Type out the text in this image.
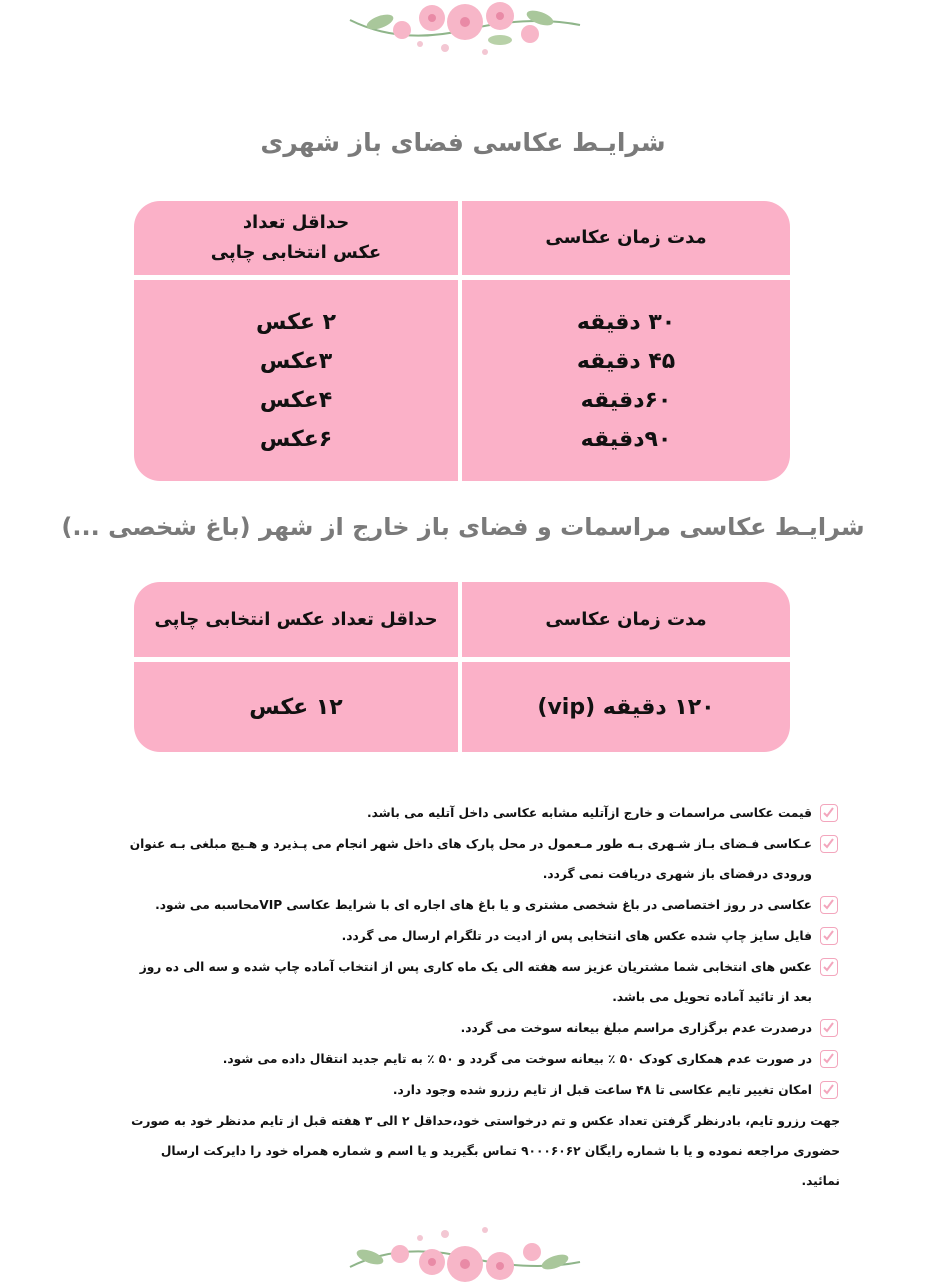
شرایـط عکاسی فضای باز شهری
مدت زمان عکاسی
حداقل تعداد
عکس انتخابی چاپی
۳۰ دقیقه
۴۵ دقیقه
۶۰دقیقه
۹۰دقیقه
۲ عکس
۳عکس
۴عکس
۶عکس
شرایـط عکاسی مراسمات و فضای باز خارج از شهر (باغ شخصی ...)
مدت زمان عکاسی
حداقل تعداد عکس انتخابی چاپی
۱۲۰ دقیقه (vip)
۱۲ عکس
قیمت عکاسی مراسمات و خارج ازآتلیه مشابه عکاسی داخل آتلیه می باشد.
عـکاسی فـضای بـاز شـهری بـه طور مـعمول در محل پارک های داخل شهر انجام می پـذیرد و هـیچ مبلغی بـه عنوان ورودی درفضای باز شهری دریافت نمی گردد.
عکاسی در روز اختصاصی در باغ شخصی مشتری و یا باغ های اجاره ای با شرایط عکاسی VIPمحاسبه می شود.
فایل سایز چاپ شده عکس های انتخابی پس از ادیت در تلگرام ارسال می گردد.
عکس های انتخابی شما مشتریان عزیز سه هفته الی یک ماه کاری پس از انتخاب آماده چاپ شده و سه الی ده روز بعد از تائید آماده تحویل می باشد.
درصدرت عدم برگزاری مراسم مبلغ بیعانه سوخت می گردد.
در صورت عدم همکاری کودک ۵۰ ٪ بیعانه سوخت می گردد و ۵۰ ٪ به تایم جدید انتقال داده می شود.
امکان تغییر تایم عکاسی تا ۴۸ ساعت قبل از تایم رزرو شده وجود دارد.
جهت رزرو تایم، بادرنظر گرفتن تعداد عکس و تم درخواستی خود،حداقل ۲ الی ۳ هفته قبل از تایم مدنظر خود به صورت حضوری مراجعه نموده و یا با شماره رایگان ۹۰۰۰۶۰۶۲ تماس بگیرید و یا اسم و شماره همراه خود را دایرکت ارسال نمائید.
